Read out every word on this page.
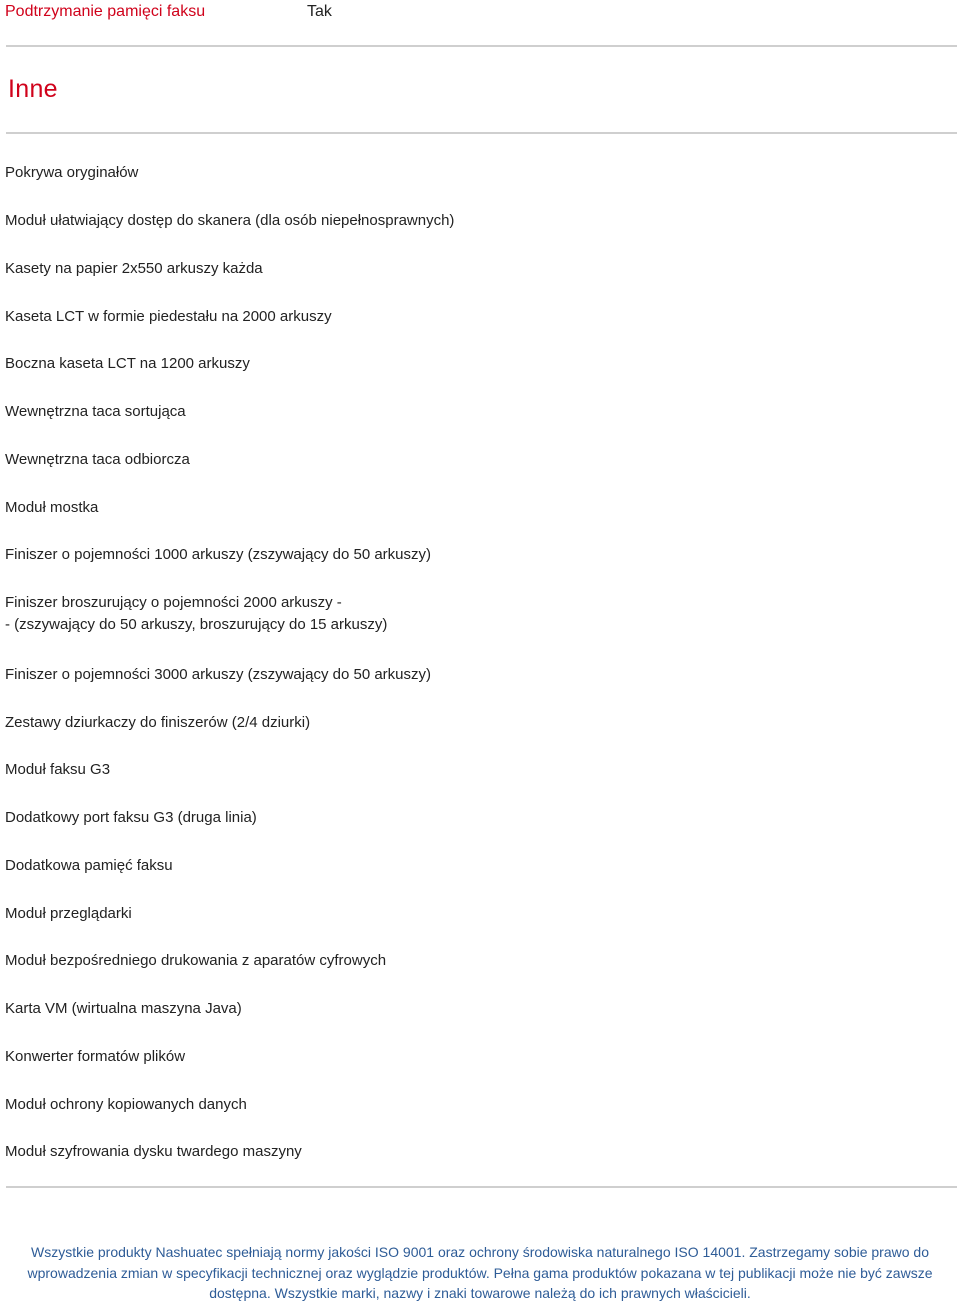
Podtrzymanie pamięci faksu	Tak
Inne
Pokrywa oryginałów
Moduł ułatwiający dostęp do skanera (dla osób niepełnosprawnych)
Kasety na papier 2x550 arkuszy każda
Kaseta LCT w formie piedestału na 2000 arkuszy
Boczna kaseta LCT na 1200 arkuszy
Wewnętrzna taca sortująca
Wewnętrzna taca odbiorcza
Moduł mostka
Finiszer o pojemności 1000 arkuszy (zszywający do 50 arkuszy)
Finiszer broszurujący o pojemności 2000 arkuszy -
- (zszywający do 50 arkuszy, broszurujący do 15 arkuszy)
Finiszer o pojemności 3000 arkuszy (zszywający do 50 arkuszy)
Zestawy dziurkaczy do finiszerów (2/4 dziurki)
Moduł faksu G3
Dodatkowy port faksu G3 (druga linia)
Dodatkowa pamięć faksu
Moduł przeglądarki
Moduł bezpośredniego drukowania z aparatów cyfrowych
Karta VM (wirtualna maszyna Java)
Konwerter formatów plików
Moduł ochrony kopiowanych danych
Moduł szyfrowania dysku twardego maszyny
Wszystkie produkty Nashuatec spełniają normy jakości ISO 9001 oraz ochrony środowiska naturalnego ISO 14001. Zastrzegamy sobie prawo do
wprowadzenia zmian w specyfikacji technicznej oraz wyglądzie produktów. Pełna gama produktów pokazana w tej publikacji może nie być zawsze
dostępna. Wszystkie marki, nazwy i znaki towarowe należą do ich prawnych właścicieli.
